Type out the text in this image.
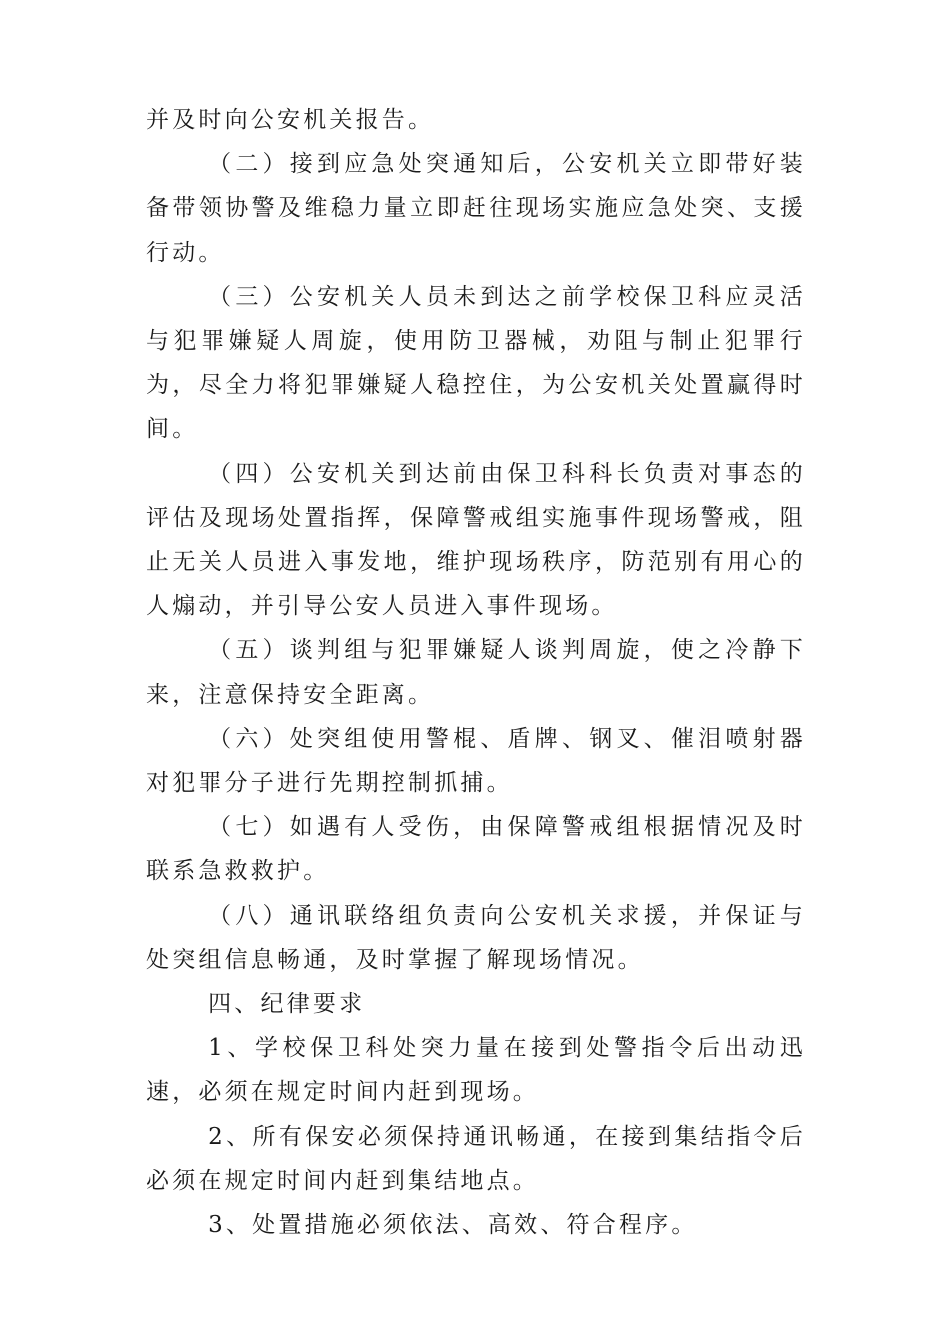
并及时向公安机关报告。

（二）接到应急处突通知后，公安机关立即带好装备带领协警及维稳力量立即赶往现场实施应急处突、支援行动。

（三）公安机关人员未到达之前学校保卫科应灵活与犯罪嫌疑人周旋，使用防卫器械，劝阻与制止犯罪行为，尽全力将犯罪嫌疑人稳控住，为公安机关处置赢得时间。

（四）公安机关到达前由保卫科科长负责对事态的评估及现场处置指挥，保障警戒组实施事件现场警戒，阻止无关人员进入事发地，维护现场秩序，防范别有用心的人煽动，并引导公安人员进入事件现场。

（五）谈判组与犯罪嫌疑人谈判周旋，使之冷静下来，注意保持安全距离。

（六）处突组使用警棍、盾牌、钢叉、催泪喷射器对犯罪分子进行先期控制抓捕。

（七）如遇有人受伤，由保障警戒组根据情况及时联系急救救护。

（八）通讯联络组负责向公安机关求援，并保证与处突组信息畅通，及时掌握了解现场情况。

四、纪律要求

1、学校保卫科处突力量在接到处警指令后出动迅速，必须在规定时间内赶到现场。

2、所有保安必须保持通讯畅通，在接到集结指令后必须在规定时间内赶到集结地点。

3、处置措施必须依法、高效、符合程序。
